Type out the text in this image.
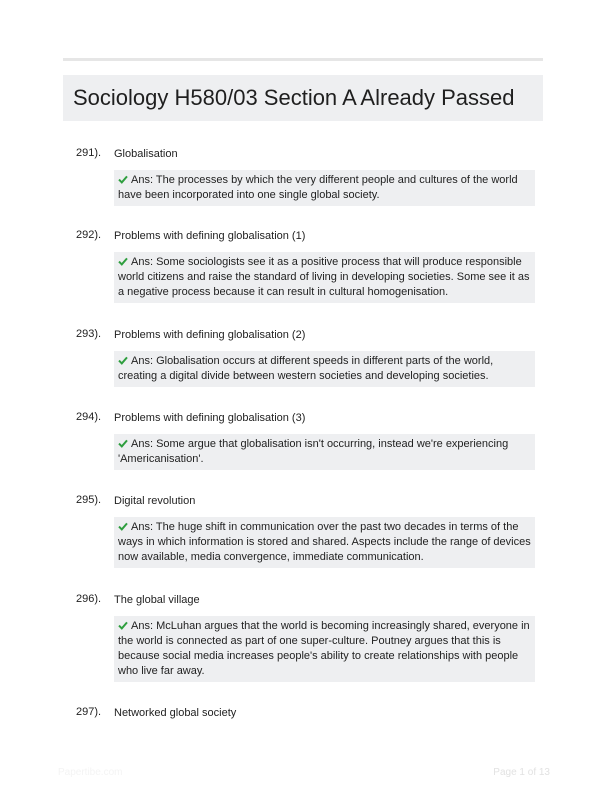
Sociology H580/03 Section A Already Passed
291). Globalisation
Ans: The processes by which the very different people and cultures of the world have been incorporated into one single global society.
292). Problems with defining globalisation (1)
Ans: Some sociologists see it as a positive process that will produce responsible world citizens and raise the standard of living in developing societies. Some see it as a negative process because it can result in cultural homogenisation.
293). Problems with defining globalisation (2)
Ans: Globalisation occurs at different speeds in different parts of the world, creating a digital divide between western societies and developing societies.
294). Problems with defining globalisation (3)
Ans: Some argue that globalisation isn't occurring, instead we're experiencing 'Americanisation'.
295). Digital revolution
Ans: The huge shift in communication over the past two decades in terms of the ways in which information is stored and shared. Aspects include the range of devices now available, media convergence, immediate communication.
296). The global village
Ans: McLuhan argues that the world is becoming increasingly shared, everyone in the world is connected as part of one super-culture. Poutney argues that this is because social media increases people's ability to create relationships with people who live far away.
297). Networked global society
Papertibe.com	Page 1 of 13
